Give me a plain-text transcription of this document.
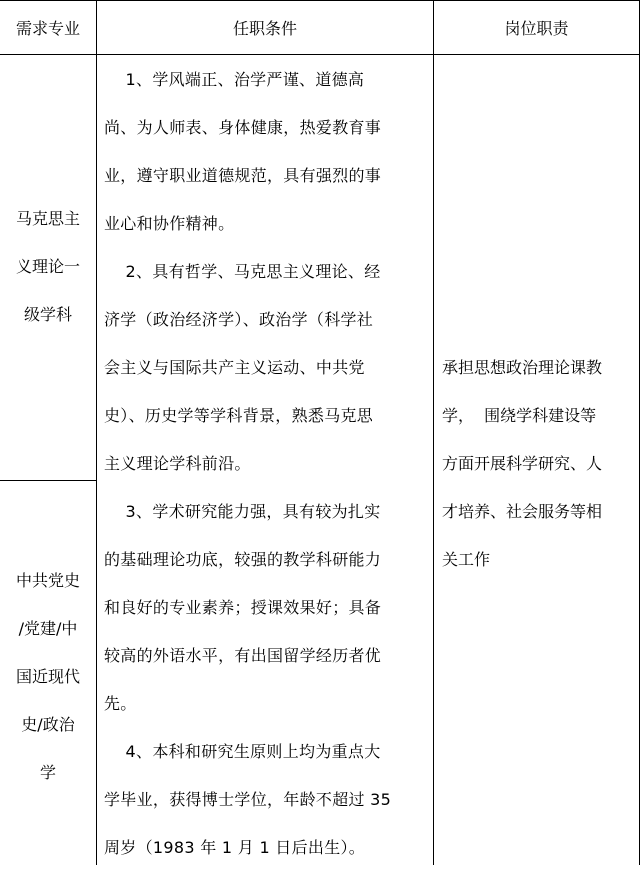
需求专业	任职条件	岗位职责
马克思主
义理论一
级学科
中共党史
/党建/中
国近现代
史/政治
学
1、学风端正、治学严谨、道德高
尚、为人师表、身体健康，热爱教育事
业，遵守职业道德规范，具有强烈的事
业心和协作精神。
2、具有哲学、马克思主义理论、经
济学（政治经济学）、政治学（科学社
会主义与国际共产主义运动、中共党
史）、历史学等学科背景，熟悉马克思
主义理论学科前沿。
3、学术研究能力强，具有较为扎实
的基础理论功底，较强的教学科研能力
和良好的专业素养；授课效果好；具备
较高的外语水平，有出国留学经历者优
先。
4、本科和研究生原则上均为重点大
学毕业，获得博士学位，年龄不超过 35
周岁（1983 年 1 月 1 日后出生）。
承担思想政治理论课教
学，  围绕学科建设等
方面开展科学研究、人
才培养、社会服务等相
关工作
